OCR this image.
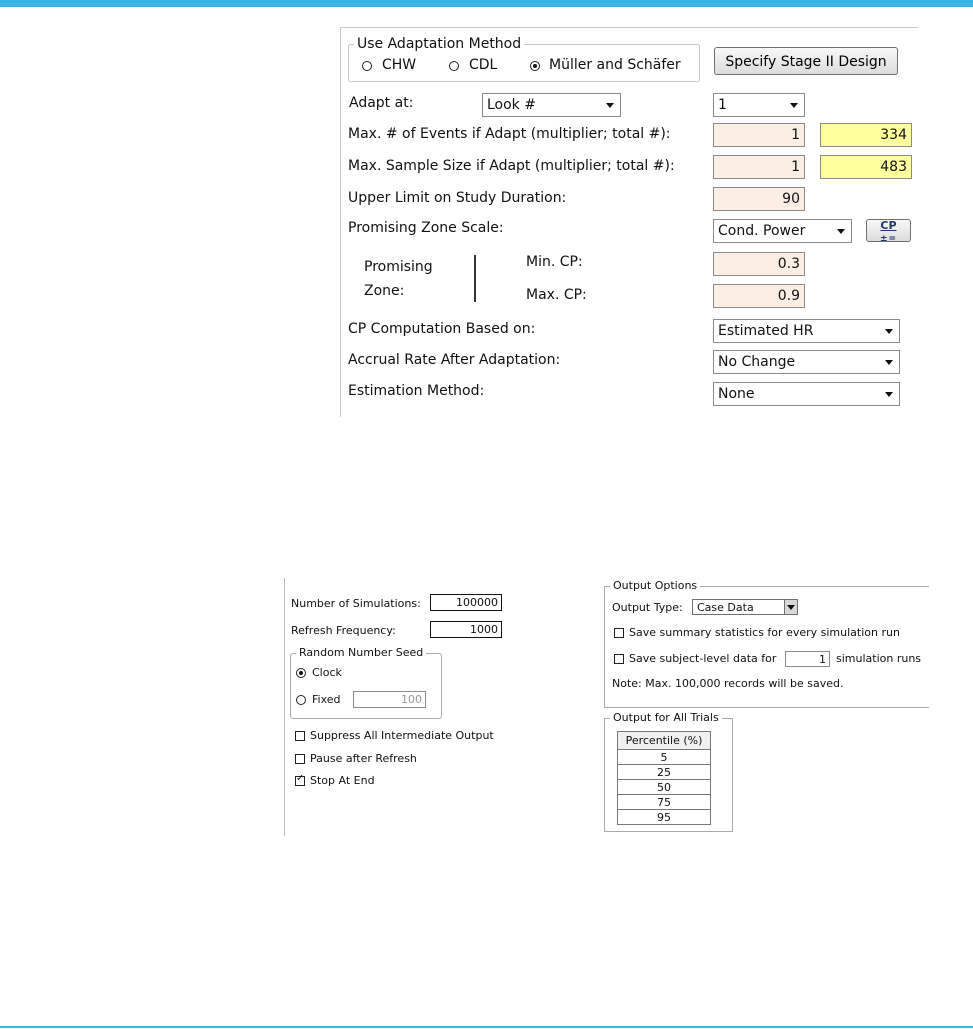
Use Adaptation Method
CHW	CDL	Müller and Schäfer	Specify Stage II Design
Adapt at:	Look #	1
Max. # of Events if Adapt (multiplier; total #):	1	334
Max. Sample Size if Adapt (multiplier; total #):	1	483
Upper Limit on Study Duration:	90
Promising Zone Scale:	Cond. Power	CP
±=
Promising
Zone:
Min. CP:	0.3
Max. CP:	0.9
CP Computation Based on:	Estimated HR
Accrual Rate After Adaptation:	No Change
Estimation Method:	None
Number of Simulations:	100000
Refresh Frequency:	1000
Random Number Seed
Clock
Fixed	100
Suppress All Intermediate Output
Pause after Refresh
✓
Stop At End
Output Options
Output Type:	Case Data
Save summary statistics for every simulation run
Save subject-level data for	1 simulation runs
Note: Max. 100,000 records will be saved.
Output for All Trials
Percentile (%)
5
25
50
75
95
